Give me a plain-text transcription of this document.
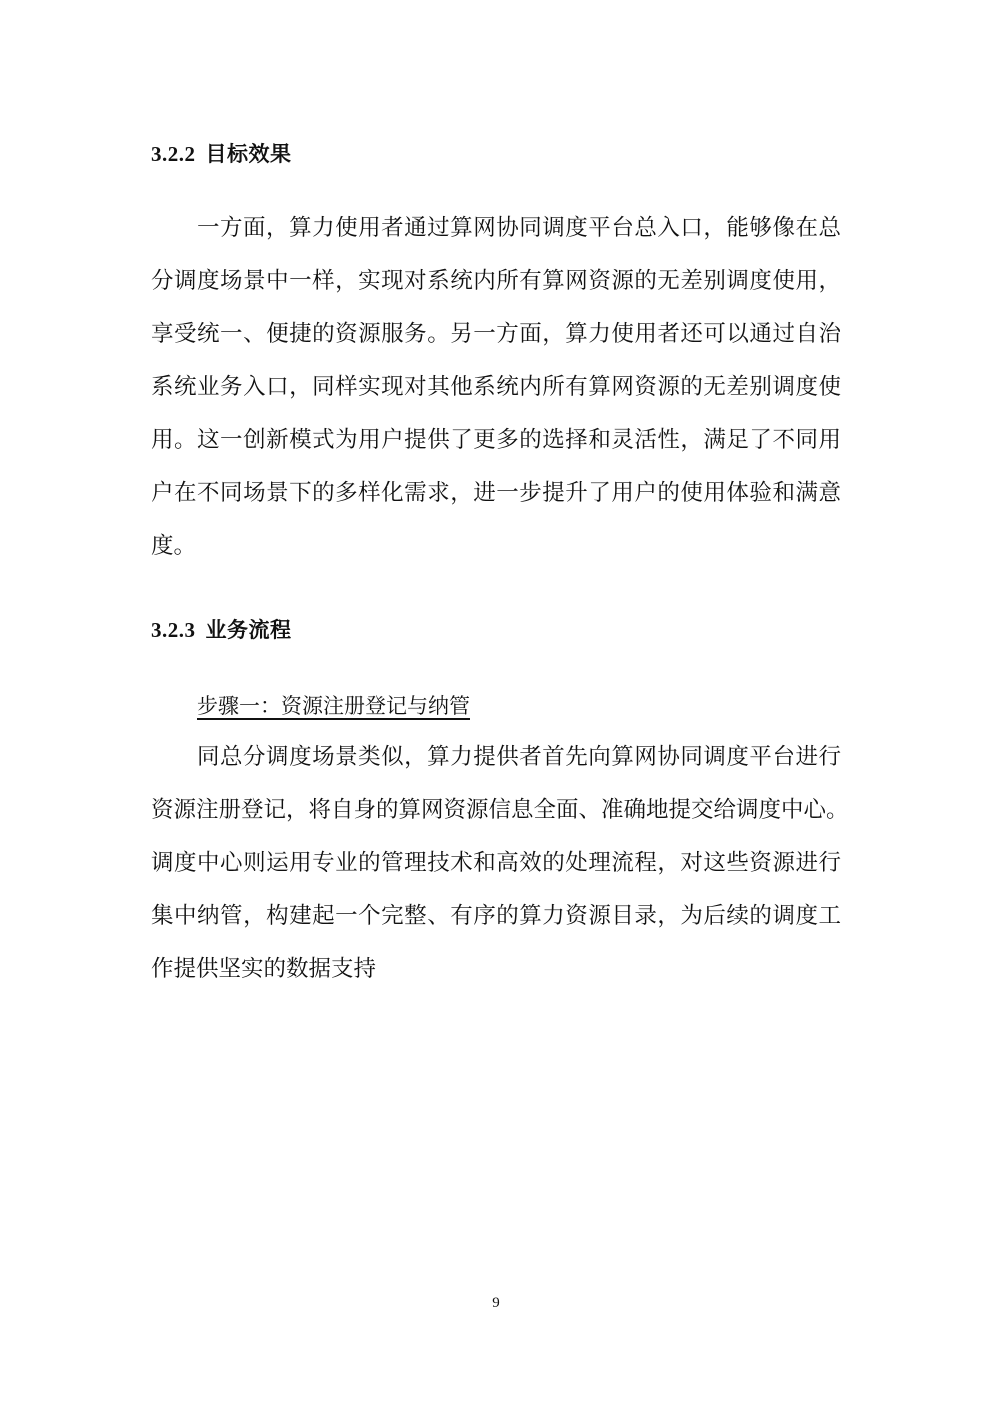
3.2.2 目标效果
一方面，算力使用者通过算网协同调度平台总入口，能够像在总
分调度场景中一样，实现对系统内所有算网资源的无差别调度使用，
享受统一、便捷的资源服务。另一方面，算力使用者还可以通过自治
系统业务入口，同样实现对其他系统内所有算网资源的无差别调度使
用。这一创新模式为用户提供了更多的选择和灵活性，满足了不同用
户在不同场景下的多样化需求，进一步提升了用户的使用体验和满意
度。
3.2.3 业务流程
步骤一：资源注册登记与纳管
同总分调度场景类似，算力提供者首先向算网协同调度平台进行
资源注册登记，将自身的算网资源信息全面、准确地提交给调度中心。
调度中心则运用专业的管理技术和高效的处理流程，对这些资源进行
集中纳管，构建起一个完整、有序的算力资源目录，为后续的调度工
作提供坚实的数据支持
9
